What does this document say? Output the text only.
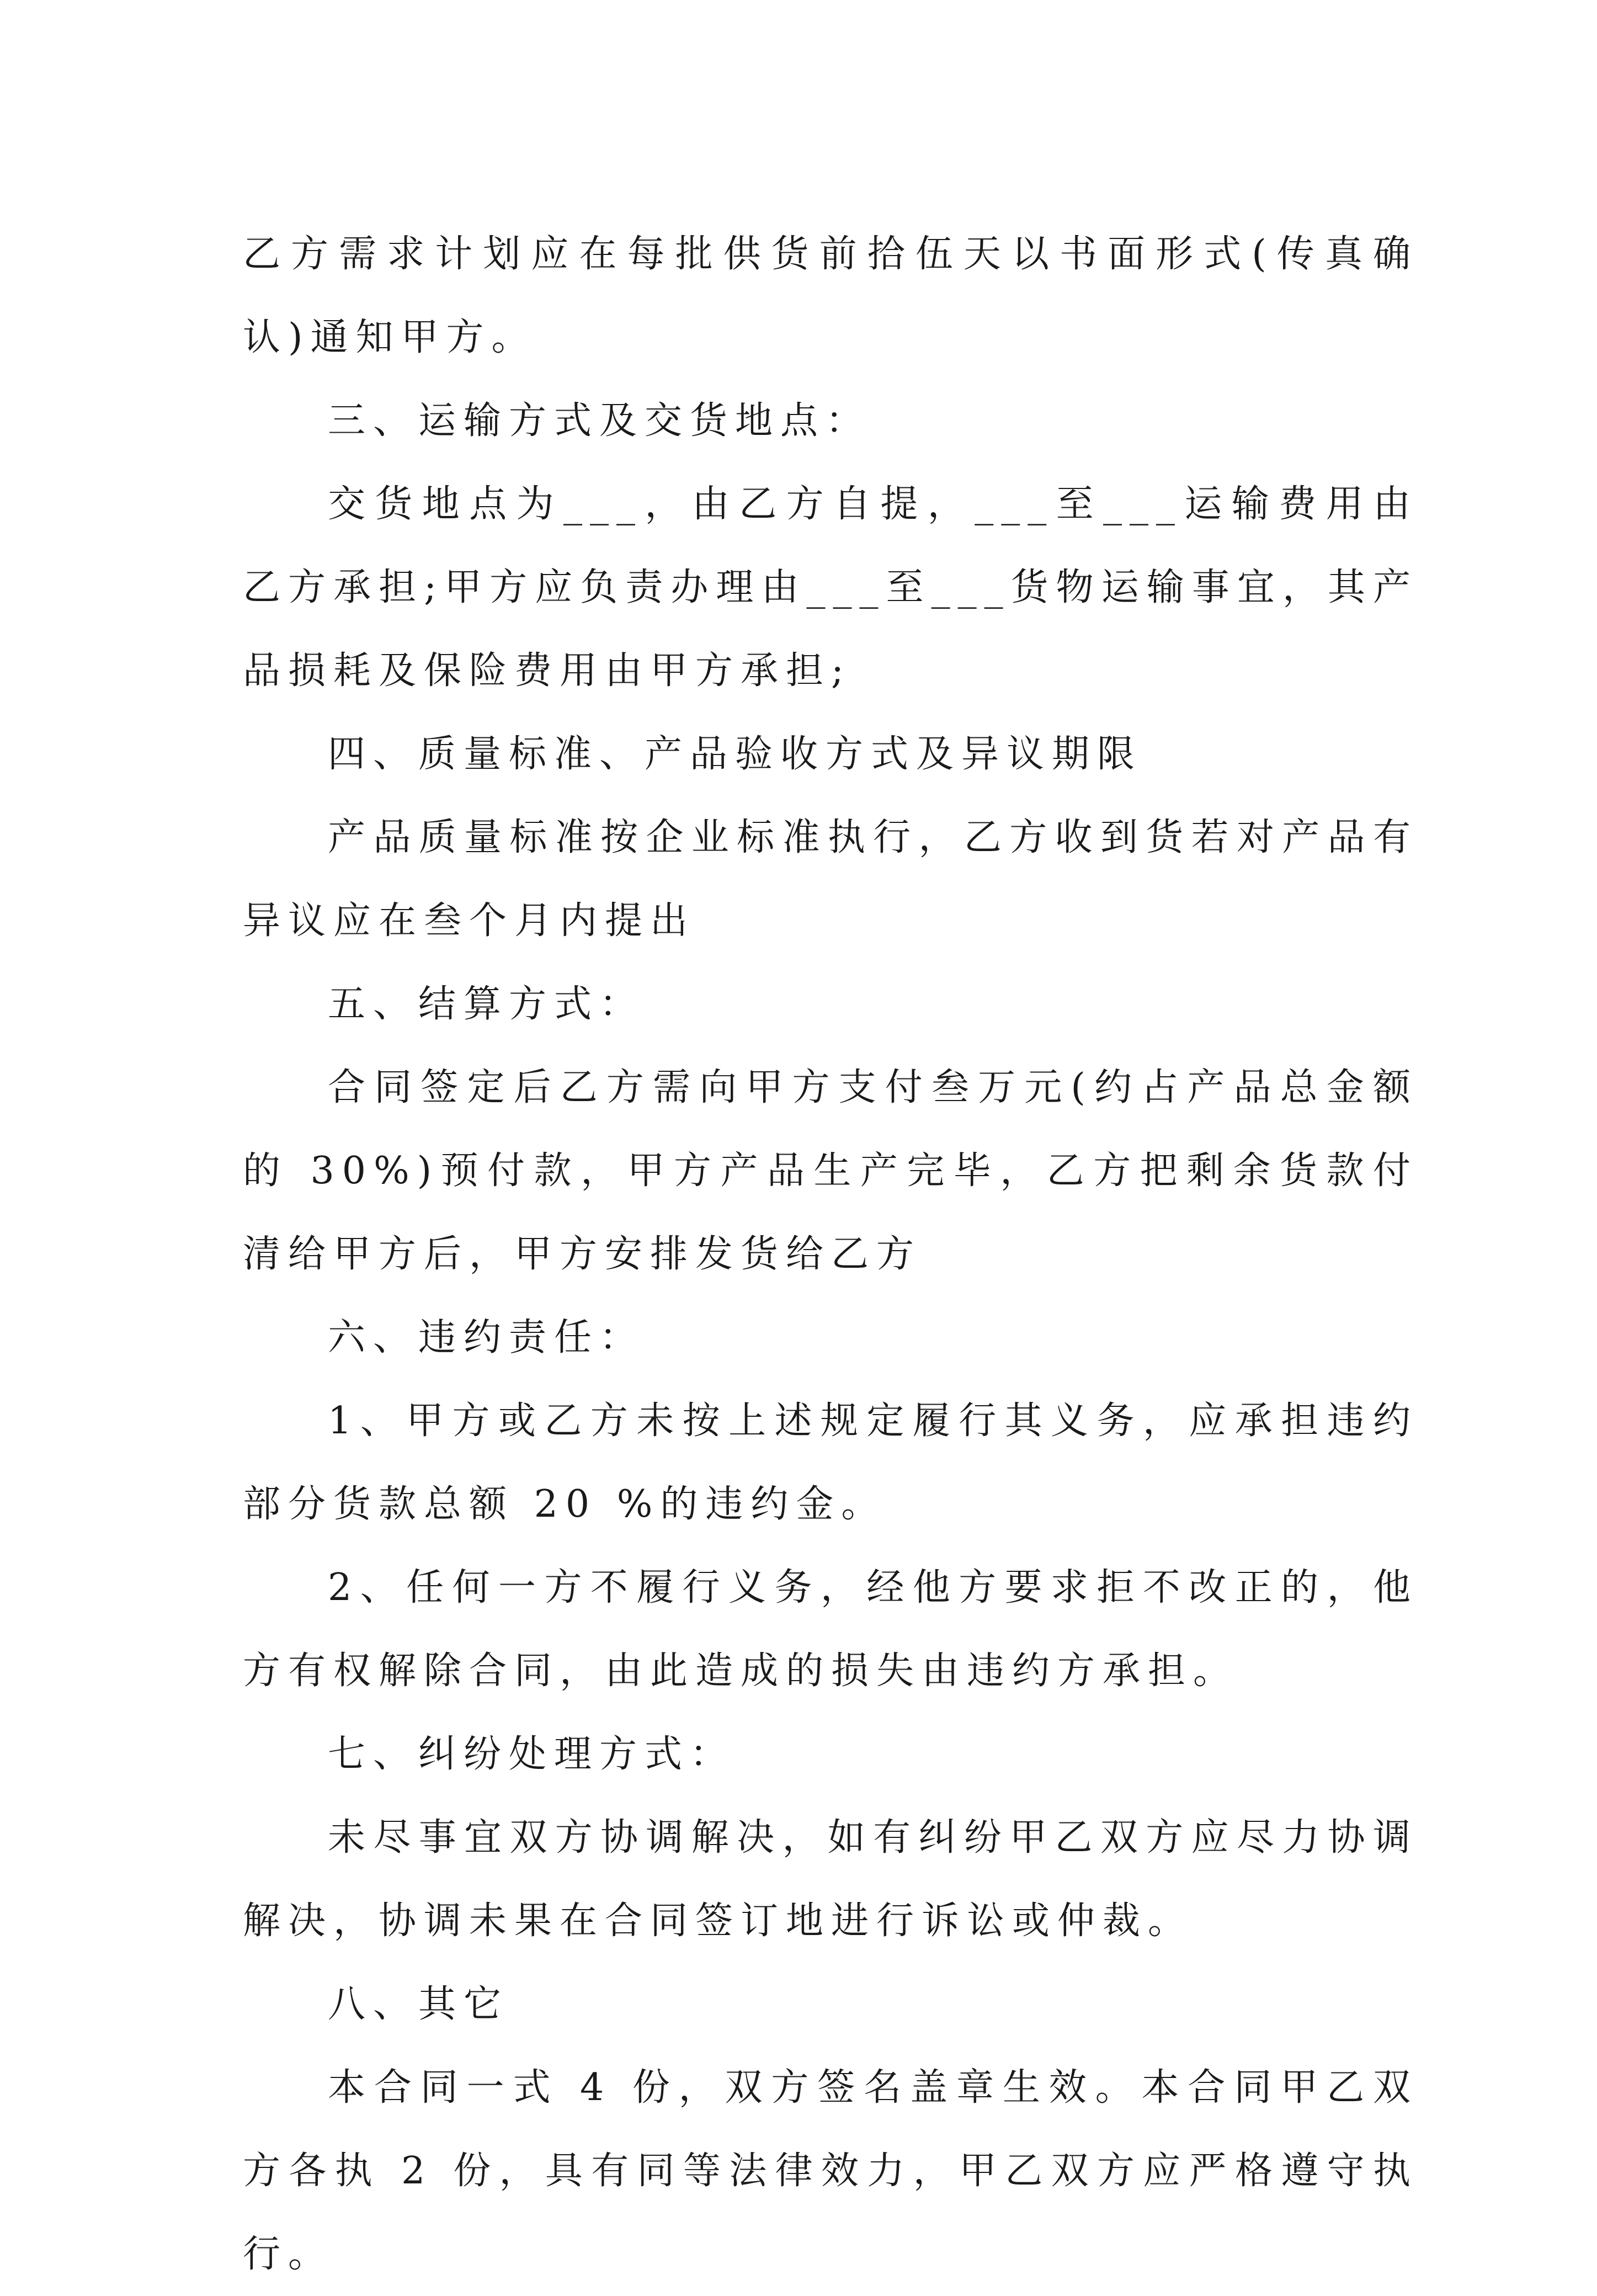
乙方需求计划应在每批供货前拾伍天以书面形式(传真确认)通知甲方。

三、运输方式及交货地点：

交货地点为___，由乙方自提，___至___运输费用由乙方承担;甲方应负责办理由___至___货物运输事宜，其产品损耗及保险费用由甲方承担;

四、质量标准、产品验收方式及异议期限

产品质量标准按企业标准执行，乙方收到货若对产品有异议应在叁个月内提出

五、结算方式：

合同签定后乙方需向甲方支付叁万元(约占产品总金额的 30%)预付款，甲方产品生产完毕，乙方把剩余货款付清给甲方后，甲方安排发货给乙方

六、违约责任：

1、甲方或乙方未按上述规定履行其义务，应承担违约部分货款总额 20 %的违约金。

2、任何一方不履行义务，经他方要求拒不改正的，他方有权解除合同，由此造成的损失由违约方承担。

七、纠纷处理方式：

未尽事宜双方协调解决，如有纠纷甲乙双方应尽力协调解决，协调未果在合同签订地进行诉讼或仲裁。

八、其它

本合同一式 4 份，双方签名盖章生效。本合同甲乙双方各执 2 份，具有同等法律效力，甲乙双方应严格遵守执行。
